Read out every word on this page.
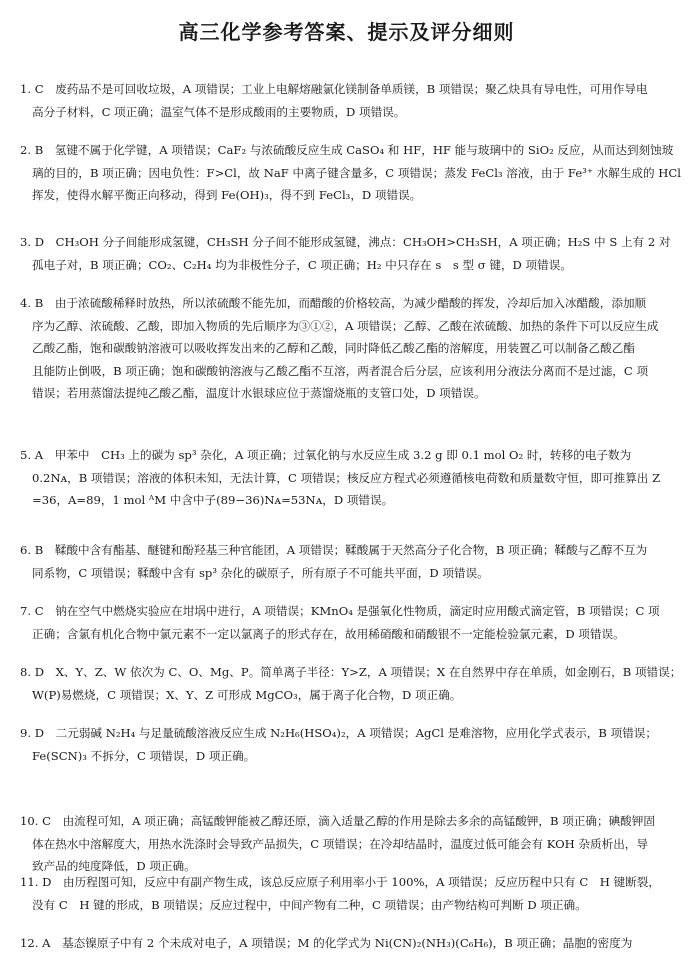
高三化学参考答案、提示及评分细则
1. C　废药品不是可回收垃圾，A 项错误；工业上电解熔融氯化镁制备单质镁，B 项错误；聚乙炔具有导电性，可用作导电
高分子材料，C 项正确；温室气体不是形成酸雨的主要物质，D 项错误。
2. B　氢键不属于化学键，A 项错误；CaF₂ 与浓硫酸反应生成 CaSO₄ 和 HF，HF 能与玻璃中的 SiO₂ 反应，从而达到刻蚀玻
璃的目的，B 项正确；因电负性：F>Cl，故 NaF 中离子键含量多，C 项错误；蒸发 FeCl₃ 溶液，由于 Fe³⁺ 水解生成的 HCl
挥发，使得水解平衡正向移动，得到 Fe(OH)₃，得不到 FeCl₃，D 项错误。
3. D　CH₃OH 分子间能形成氢键，CH₃SH 分子间不能形成氢键，沸点：CH₃OH>CH₃SH，A 项正确；H₂S 中 S 上有 2 对
孤电子对，B 项正确；CO₂、C₂H₄ 均为非极性分子，C 项正确；H₂ 中只存在 s　s 型 σ 键，D 项错误。
4. B　由于浓硫酸稀释时放热，所以浓硫酸不能先加，而醋酸的价格较高，为减少醋酸的挥发，冷却后加入冰醋酸，添加顺
序为乙醇、浓硫酸、乙酸，即加入物质的先后顺序为③①②，A 项错误；乙醇、乙酸在浓硫酸、加热的条件下可以反应生成
乙酸乙酯，饱和碳酸钠溶液可以吸收挥发出来的乙醇和乙酸，同时降低乙酸乙酯的溶解度，用装置乙可以制备乙酸乙酯
且能防止倒吸，B 项正确；饱和碳酸钠溶液与乙酸乙酯不互溶，两者混合后分层，应该利用分液法分离而不是过滤，C 项
错误；若用蒸馏法提纯乙酸乙酯，温度计水银球应位于蒸馏烧瓶的支管口处，D 项错误。
5. A　甲苯中　CH₃ 上的碳为 sp³ 杂化，A 项正确；过氧化钠与水反应生成 3.2 g 即 0.1 mol O₂ 时，转移的电子数为
0.2Nᴀ，B 项错误；溶液的体积未知，无法计算，C 项错误；核反应方程式必须遵循核电荷数和质量数守恒，即可推算出 Z
=36，A=89，1 mol ᴬM 中含中子(89−36)Nᴀ=53Nᴀ，D 项错误。
6. B　鞣酸中含有酯基、醚键和酚羟基三种官能团，A 项错误；鞣酸属于天然高分子化合物，B 项正确；鞣酸与乙醇不互为
同系物，C 项错误；鞣酸中含有 sp³ 杂化的碳原子，所有原子不可能共平面，D 项错误。
7. C　钠在空气中燃烧实验应在坩埚中进行，A 项错误；KMnO₄ 是强氧化性物质，滴定时应用酸式滴定管，B 项错误；C 项
正确；含氯有机化合物中氯元素不一定以氯离子的形式存在，故用稀硝酸和硝酸银不一定能检验氯元素，D 项错误。
8. D　X、Y、Z、W 依次为 C、O、Mg、P。简单离子半径：Y>Z，A 项错误；X 在自然界中存在单质，如金刚石，B 项错误；
W(P)易燃烧，C 项错误；X、Y、Z 可形成 MgCO₃，属于离子化合物，D 项正确。
9. D　二元弱碱 N₂H₄ 与足量硫酸溶液反应生成 N₂H₆(HSO₄)₂，A 项错误；AgCl 是难溶物，应用化学式表示，B 项错误；
Fe(SCN)₃ 不拆分，C 项错误，D 项正确。
10. C　由流程可知，A 项正确；高锰酸钾能被乙醇还原，滴入适量乙醇的作用是除去多余的高锰酸钾，B 项正确；碘酸钾固
体在热水中溶解度大，用热水洗涤时会导致产品损失，C 项错误；在冷却结晶时，温度过低可能会有 KOH 杂质析出，导
致产品的纯度降低，D 项正确。
11. D　由历程图可知，反应中有副产物生成，该总反应原子利用率小于 100%，A 项错误；反应历程中只有 C　H 键断裂，
没有 C　H 键的形成，B 项错误；反应过程中，中间产物有二种，C 项错误；由产物结构可判断 D 项正确。
12. A　基态镍原子中有 2 个未成对电子，A 项错误；M 的化学式为 Ni(CN)₂(NH₃)(C₆H₆)，B 项正确；晶胞的密度为
